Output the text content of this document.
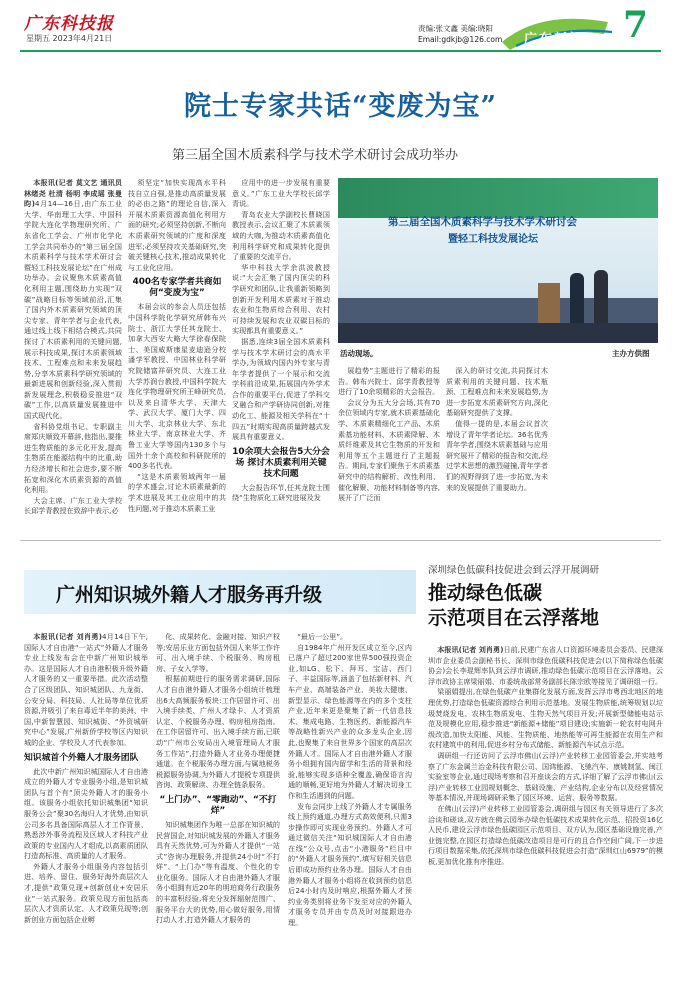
广东科技报
星期五 2023年4月21日
责编:张文鑫 美编:晓阳
Email:gdkjb@126.com 广东新闻 7
院士专家共话“变废为宝”
第三届全国木质素科学与技术学术研讨会成功举办

本报讯(记者 莫文艺 通讯员 林绪尧 杜清 杨明 李成瑶 张曼昀)4月14—16日,由广东工业大学、华南理工大学、中国科学院大连化学物理研究所、广东省化工学会、广州市化学化工学会共同举办的“第三届全国木质素科学与技术学术研讨会暨轻工科技发展论坛”在广州成功举办。会议聚焦木质素高值化利用主题,围绕助力实现“双碳”战略目标等领域前沿,汇集了国内外木质素研究领域的顶尖专家、青年学者与企业代表,通过线上线下相结合模式,共同探讨了木质素利用的关键问题,展示科技成果,探讨木质素领域技术、工程难点和未来发展趋势,分享木质素科学研究领域的最新进展和创新经验,深入贯彻新发展理念,积极稳妥推进“双碳”工作,以高质量发展推进中国式现代化。

省科协党组书记、专职副主席郑庆顺致开幕辞,他指出,要推进生物质能的多元化开发,提高生物质在能源结构中的比重,助力经济增长和社会进步,要不断拓宽和深化木质素资源的高值化利用。

大会主席、广东工业大学校长邱学青教授在致辞中表示,必

须坚定“加快实现高水平科技自立自强,是推动高质量发展的必由之路”的理论自信,深入开展木质素资源高值化利用方面的研究;必须坚持创新,不断向木质素研究领域的广度和深度进军;必须坚持攻关基础研究,突破关键核心技术,推动成果转化与工业化应用。

400名专家学者共商如何“变废为宝”

本届会议的参会人员还包括中国科学院化学研究所韩布兴院士、浙江大学任其龙院士、加拿大西安大略大学徐春保院士、美国威斯康星麦迪逊分校潘学军教授、中国林业科学研究院储富祥研究员、大连工业大学苏润台教授,中国科学院大连化学物理研究所王峰研究员,以及来自清华大学、天津大学、武汉大学、厦门大学、四川大学、北京林业大学、东北林业大学、南京林业大学、齐鲁工业大学等国内130多个与国外十余个高校和科研院所的400多名代表。

“这是木质素领域两年一届的学术盛会,讨论木质素最新的学术进展及其工业应用中的共性问题,对于推动木质素工业

应用中的进一步发展有重要意义。”广东工业大学校长邱学青说。

青岛农业大学副校长曹晓国教授表示,会议汇聚了木质素领域的大咖,为推动木质素高值化利用科学研究和成果转化提供了重要的交流平台。

华中科技大学余洪波教授说:“大会汇集了国内顶尖的科学研究和团队,让我重新领略到创新开发利用木质素对于推动农业和生物质综合利用、农村可持续发展和农业双碳目标的实现都具有重要意义。”

据悉,连续3届全国木质素科学与技术学术研讨会的高水平学办,为领域内国内外专家与青年学者提供了一个展示和交流学科前沿成果,拓展国内外学术合作的重要平台,促进了学科交叉融合和产学研协同创新,对推动化工、能源及相关学科在“十四五”时期实现高质量跨越式发展具有重要意义。

10余项大会报告5大分会场 探讨木质素利用关键技术问题

大会报告环节,任其龙院士围绕“生物质化工研究进展及发

第三届全国木质素科学与技术学术研讨会
暨轻工科技发展论坛
活动现场。	主办方供图

展趋势”主题进行了精彩的报告。韩布兴院士、邱学青教授等进行了10余项精彩的大会报告。

会议分为五大分会场,共有70余位领域内专家,就木质素基础化学、木质素精细化工产品、木质素基功能材料、木质素降解、木质纤维素及其它生物质的开发和利用等五个主题进行了主题报告。期间,专家们聚焦于木质素基研究中的结构解析、改性利用、催化解聚、功能材料制备等内容,展开了广泛而

深入的研讨交流,共同探讨木质素利用的关键问题、技术瓶颈、工程难点和未来发展趋势,为进一步拓宽木质素研究方向,深化基础研究提供了支撑。

值得一提的是,本届会议首次增设了青年学者论坛。36名优秀青年学者,围绕木质素基础与应用研究展开了精彩的报告和交流,经过学术思想的激烈碰撞,青年学者们的视野得到了进一步拓宽,为未来的发展提供了重要助力。

广州知识城外籍人才服务再升级

本报讯(记者 刘肖勇)4月14日下午,国际人才自由港“一站式”外籍人才服务专业上线发布会在中新广州知识城举办。这是国际人才自由港积极升级外籍人才服务的又一重要举措。此次活动整合了区级团队、知识城团队、九龙街、公安分局、科技局、人社局等单位优质资源,并吸引了来自毒近半年的美洲、中国,中新智慧园、知识城街、“外资城研究中心”发展,广州新侨学校等区内知识城的企业、学校及人才代表参加。

知识城首个外籍人才服务团队

此次中新广州知识城国际人才自由港成立的外籍人才专业服务小组,是知识城团队与首个有“顶尖外籍人才的服务小组。该服务小组依托知识城集团“知识服务公会”聚30名海归人才优势,由知识公司多名具备国际高层人才工作背景、熟悉涉外事务流程及区域人才科技产业政策的专业国内人才组成,以高素质团队打造高标准、高质量的人才服务。

外籍人才服务小组服务内容包括引进、培养、留住、服务好海外高层次人才,提供“政策兑现+创新创业+安居乐业”一站式服务。政策兑现方面包括高层次人才资质认定、人才政策兑现等;创新创业方面包括企业孵

化、成果转化、金融对接、知识产权等;安居乐业方面包括外国人来华工作许可、出入境手续、个税服务、购房租房、子女入学等。

根据前期进行的服务需求调研,国际人才自由港外籍人才服务小组统计梳理出6大高频服务板块:工作居留许可、出入境手续类、广州人才绿卡、人才资质认定、个税服务办理、购房租房指南。在工作居留许可、出入境手续方面,已联动“广州市公安局出入境管理局人才服务工作站”,打造外籍人才业务办理便捷通道。在个税服务办理方面,与属地税务税源服务协调,为外籍人才提税专项提供咨询、政策解读、办理全链条服务。

“上门办”、“零跑动”、“不打烊”

知识城集团作为唯一总部在知识城的民营国企,对知识城发展的外籍人才服务具有天然优势,可为外籍人才提供“一站式”咨询办理服务,并提供24小时“不打烊”、“上门办”等有温度、个性化的专业化服务。国际人才自由港外籍人才服务小组拥有近20年的明珀商务行政服务的丰富积经验,将充分发挥辐射范围广、服务平台大的优势,用心做好服务,用情打动人才,打造外籍人才服务的

“最后一公里”。

自1984年广州开发区成立至今,区内已落户了超过200家世界500强投资企业,如LG、松下、拜耳、宝洁、西门子、丰益国际等,涵盖了包括新材料、汽车产业、高端装备产业、美妆大健康、新型显示、绿色能源等在内的多个支柱产业,近年来更是聚集了新一代信息技术、集成电路、生物医药、新能源汽车等战略性新兴产业的众多龙头企业,因此,也聚集了来自世界多个国家的高层次外籍人才。国际人才自由港外籍人才服务小组拥有国内留学和生活的背景和经验,能够实现多语种全覆盖,确保语言沟通的顺畅,更好地为外籍人才解决切身工作和生活遇到的问题。

发布会同步上线了外籍人才专属服务线上预约通道,办理方式高效便利,只需3步操作即可实现业务预约。外籍人才可通过微信关注“知识城国际人才自由港在线”公众号,点击“小港服务”栏目中的“外籍人才服务预约”,填写好相关信息后即成功预约业务办理。国际人才自由港外籍人才服务小组将在收到预约信息后24小时内及时响应,根据外籍人才预约业务类别将业务下发至对应的外籍人才服务专员并由专员及时对接跟进办理。

深圳绿色低碳科技促进会到云浮开展调研
推动绿色低碳
示范项目在云浮落地

本报讯(记者 刘肖勇)日前,民建广东省人口资源环境委员会委员、民建深圳市企业委员会副秘书长、深圳市绿色低碳科技促进会(以下简称绿色低碳协会)会长李琨辉率队到云浮市调研,推动绿色低碳示范项目在云浮落地。云浮市政协主席梁丽娟、市委统战部常务副部长陈宗欧等接见了调研组一行。

梁丽娟提出,在绿色低碳产业集群化发展方面,发挥云浮市粤西北地区的地理优势,打造绿色低碳资源综合利用示范基地。发展生物质能,统筹规划以垃圾焚烧发电、农林生物质发电、生物天然气项目开发;开展新型储能电站示范及规模化应用,稳步推进“新能源+储能”项目建设;实施新一轮农村电网升级改造,加快太阳能、风能、生物质能、地热能等可再生能源在农用生产和农村建筑中的利用,促进乡村分布式储能、新能源汽车试点示范。

调研组一行还访问了云浮市佛山(云浮)产业转移工业园管委会,并实地考察了广东金属兰治金科技有限公司、国鸿能源、飞驰汽车、康姚制氢、闽江实验室等企业,通过现场考察和召开座谈会的方式,详细了解了云浮市佛山(云浮)产业转移工业园规划概念、基础设施、产业结构,企业分布以及经营情况等基本情况,并现场调研采集了园区环境、运营、服务等数据。

在佛山(云浮)产业转移工业园管委会,调研组与园区有关领导进行了多次洽谈和磋谈,双方就在佛云园举办绿色低碳技术成果转化示范、招投资16亿人民币,建设云浮市绿色低碳园区示范项目、双方认为,园区基础设施完善,产业链完整,在园区打造绿色低碳改造项目是可行的且合作空间广阔,下一步进行项目数据采集,依托深圳市绿色低碳科技促进会打造“深圳红山6979”的模板,更加优化推有序推进。
